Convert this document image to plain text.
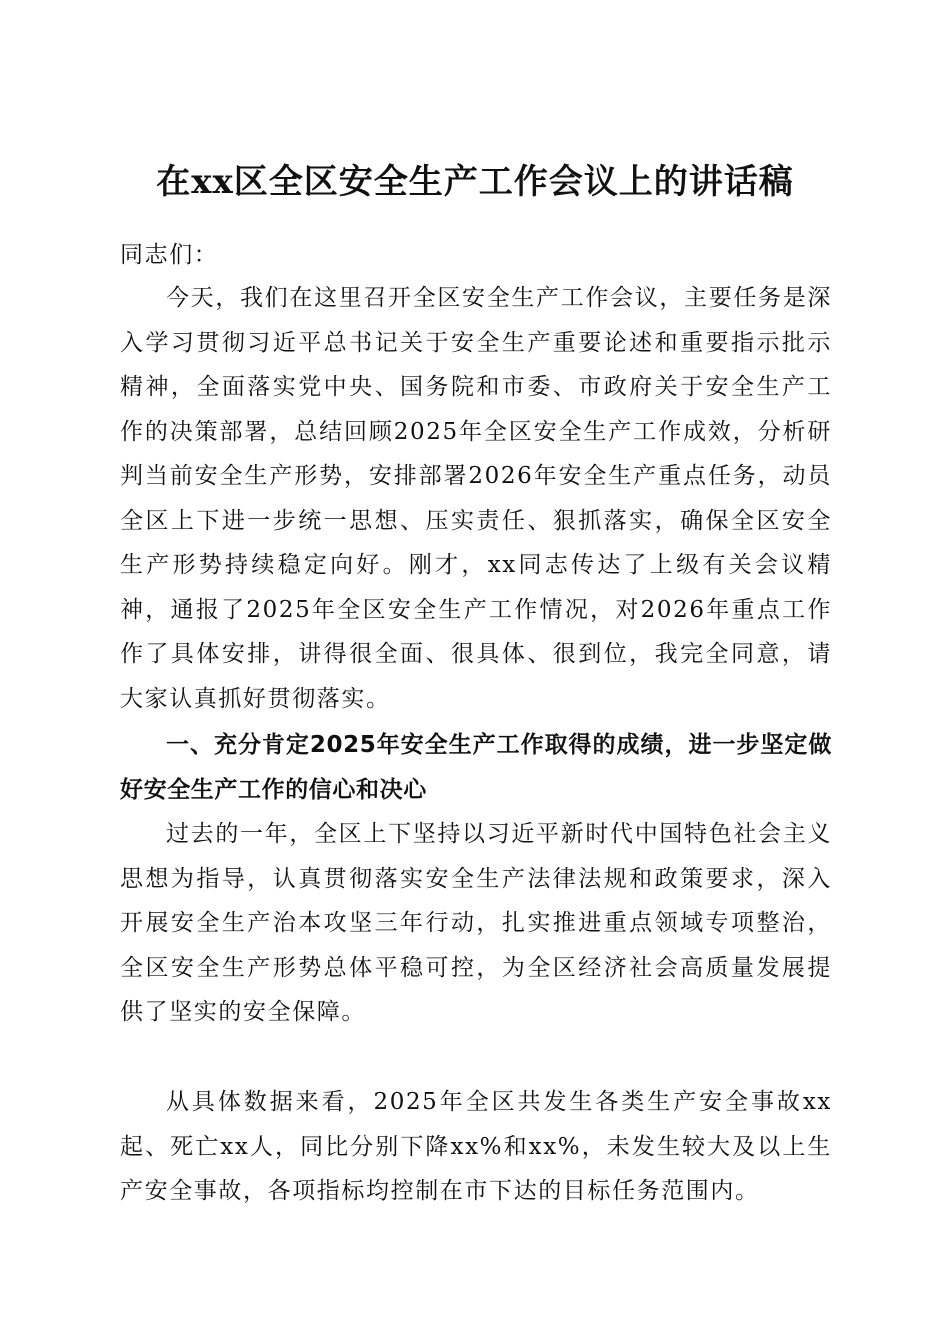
在xx区全区安全生产工作会议上的讲话稿

同志们：

今天，我们在这里召开全区安全生产工作会议，主要任务是深入学习贯彻习近平总书记关于安全生产重要论述和重要指示批示精神，全面落实党中央、国务院和市委、市政府关于安全生产工作的决策部署，总结回顾2025年全区安全生产工作成效，分析研判当前安全生产形势，安排部署2026年安全生产重点任务，动员全区上下进一步统一思想、压实责任、狠抓落实，确保全区安全生产形势持续稳定向好。刚才，xx同志传达了上级有关会议精神，通报了2025年全区安全生产工作情况，对2026年重点工作作了具体安排，讲得很全面、很具体、很到位，我完全同意，请大家认真抓好贯彻落实。

一、充分肯定2025年安全生产工作取得的成绩，进一步坚定做好安全生产工作的信心和决心

过去的一年，全区上下坚持以习近平新时代中国特色社会主义思想为指导，认真贯彻落实安全生产法律法规和政策要求，深入开展安全生产治本攻坚三年行动，扎实推进重点领域专项整治，全区安全生产形势总体平稳可控，为全区经济社会高质量发展提供了坚实的安全保障。

从具体数据来看，2025年全区共发生各类生产安全事故xx起、死亡xx人，同比分别下降xx%和xx%，未发生较大及以上生产安全事故，各项指标均控制在市下达的目标任务范围内。
